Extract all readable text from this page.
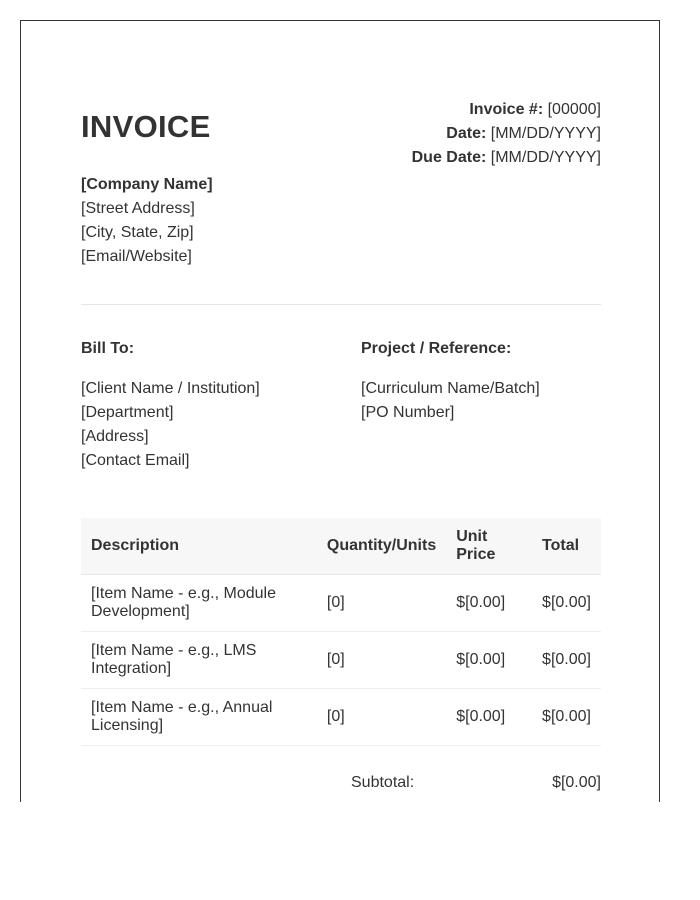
INVOICE	Invoice #: [00000]
Date: [MM/DD/YYYY]
Due Date: [MM/DD/YYYY]
[Company Name]
[Street Address]
[City, State, Zip]
[Email/Website]
Bill To:
[Client Name / Institution]
[Department]
[Address]
[Contact Email]
Project / Reference:
[Curriculum Name/Batch]
[PO Number]
Description	Quantity/Units	Unit Price	Total
[Item Name - e.g., Module Development]	[0]	$[0.00]	$[0.00]
[Item Name - e.g., LMS Integration]	[0]	$[0.00]	$[0.00]
[Item Name - e.g., Annual Licensing]	[0]	$[0.00]	$[0.00]
Subtotal:	$[0.00]
